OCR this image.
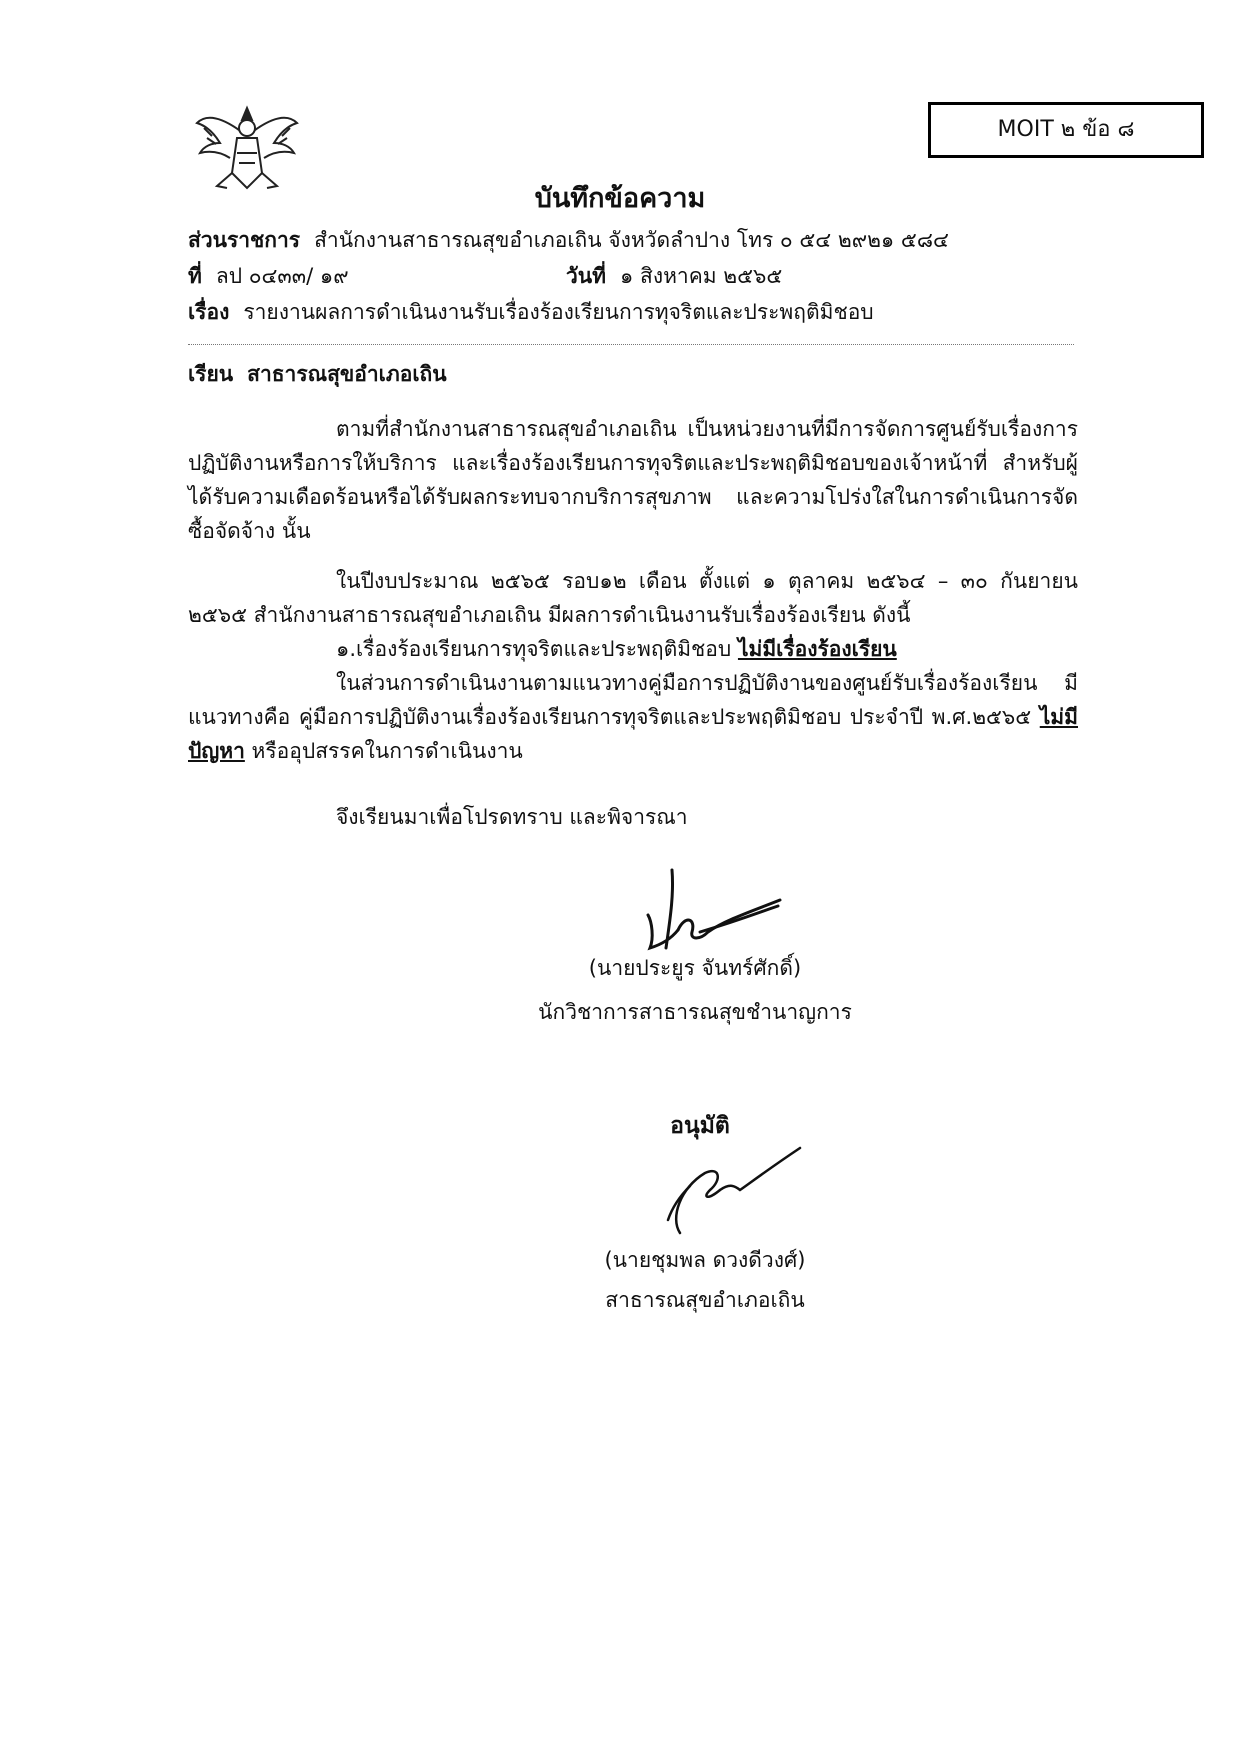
MOIT ๒ ข้อ ๘
บันทึกข้อความ
ส่วนราชการ สำนักงานสาธารณสุขอำเภอเถิน จังหวัดลำปาง โทร ๐ ๕๔ ๒๙๒๑ ๕๘๔
ที่ ลป ๐๔๓๓/ ๑๙	วันที่ ๑ สิงหาคม ๒๕๖๕
เรื่อง รายงานผลการดำเนินงานรับเรื่องร้องเรียนการทุจริตและประพฤติมิชอบ
เรียน สาธารณสุขอำเภอเถิน
ตามที่สำนักงานสาธารณสุขอำเภอเถิน เป็นหน่วยงานที่มีการจัดการศูนย์รับเรื่องการปฏิบัติงานหรือการให้บริการ และเรื่องร้องเรียนการทุจริตและประพฤติมิชอบของเจ้าหน้าที่ สำหรับผู้ได้รับความเดือดร้อนหรือได้รับผลกระทบจากบริการสุขภาพ และความโปร่งใสในการดำเนินการจัดซื้อจัดจ้าง นั้น
ในปีงบประมาณ ๒๕๖๕ รอบ๑๒ เดือน ตั้งแต่ ๑ ตุลาคม ๒๕๖๔ – ๓๐ กันยายน ๒๕๖๕ สำนักงานสาธารณสุขอำเภอเถิน มีผลการดำเนินงานรับเรื่องร้องเรียน ดังนี้
๑.เรื่องร้องเรียนการทุจริตและประพฤติมิชอบ ไม่มีเรื่องร้องเรียน
ในส่วนการดำเนินงานตามแนวทางคู่มือการปฏิบัติงานของศูนย์รับเรื่องร้องเรียน มีแนวทางคือ คู่มือการปฏิบัติงานเรื่องร้องเรียนการทุจริตและประพฤติมิชอบ ประจำปี พ.ศ.๒๕๖๕ ไม่มีปัญหา หรืออุปสรรคในการดำเนินงาน
จึงเรียนมาเพื่อโปรดทราบ และพิจารณา
(นายประยูร จันทร์ศักดิ์)
นักวิชาการสาธารณสุขชำนาญการ
อนุมัติ
(นายชุมพล ดวงดีวงศ์)
สาธารณสุขอำเภอเถิน
